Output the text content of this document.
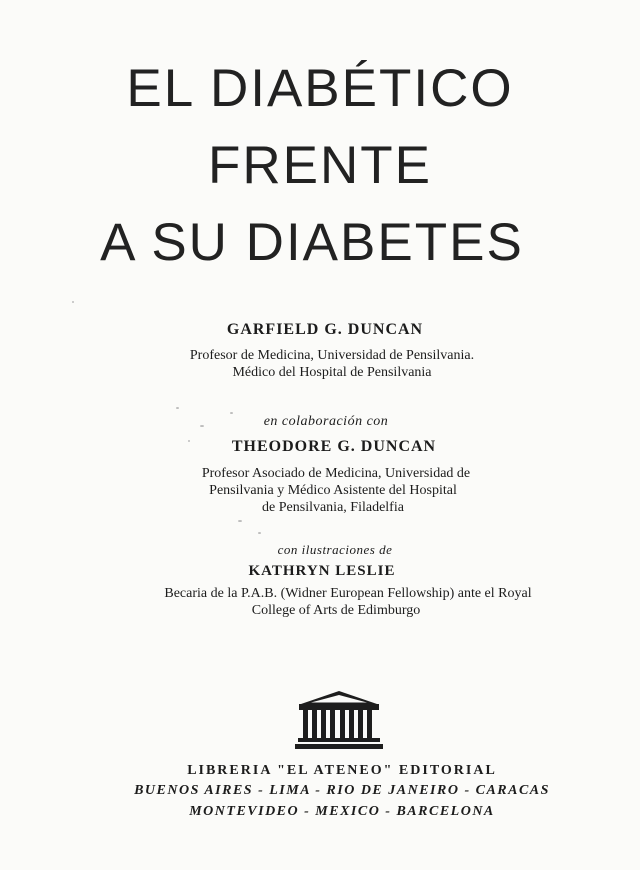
EL DIABÉTICO
FRENTE
A SU DIABETES
GARFIELD G. DUNCAN
Profesor de Medicina, Universidad de Pensilvania.
Médico del Hospital de Pensilvania
en colaboración con
THEODORE G. DUNCAN
Profesor Asociado de Medicina, Universidad de
Pensilvania y Médico Asistente del Hospital
de Pensilvania, Filadelfia
con ilustraciones de
KATHRYN LESLIE
Becaria de la P.A.B. (Widner European Fellowship) ante el Royal
College of Arts de Edimburgo
LIBRERIA "EL ATENEO" EDITORIAL
BUENOS AIRES - LIMA - RIO DE JANEIRO - CARACAS
MONTEVIDEO - MEXICO - BARCELONA
